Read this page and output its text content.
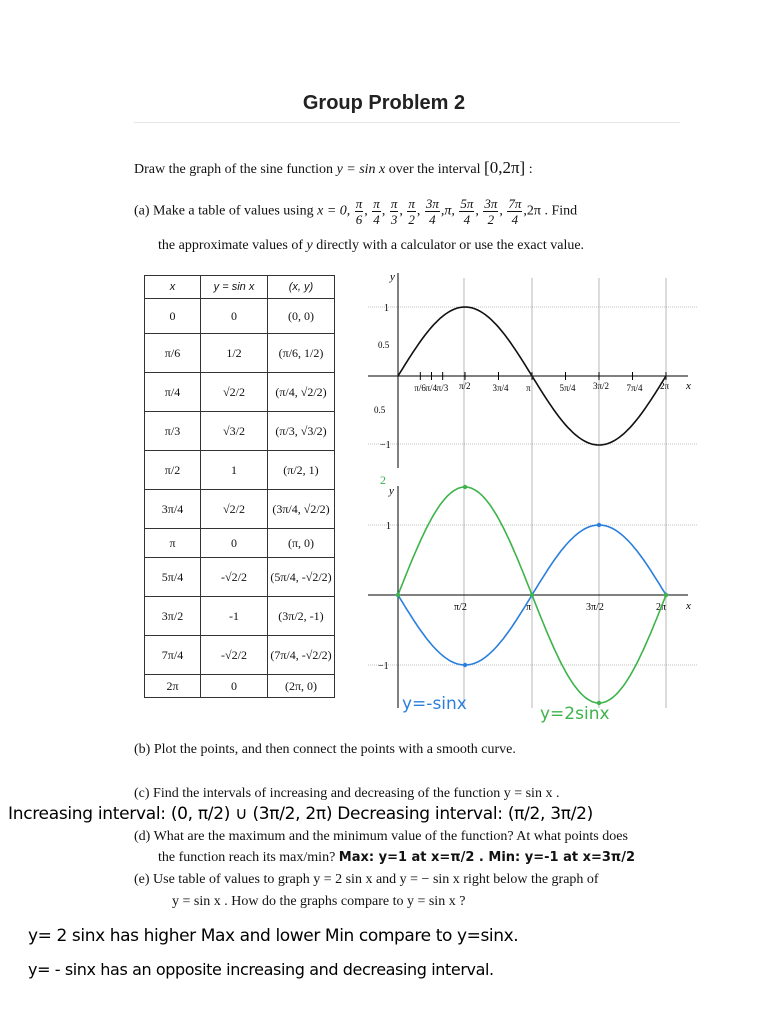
Group Problem 2
Draw the graph of the sine function y = sin x over the interval [0,2π] :
(a) Make a table of values using x = 0, $\frac{\pi}{6}$ , $\frac{\pi}{4}$ , $\frac{\pi}{3}$ , $\frac{\pi}{2}$ , $\frac{3\pi}{4} ,\pi$, $\frac{5\pi}{4}$ , $\frac{3\pi}{2}$ , $\frac{7\pi}{4} ,2\pi$ . Find
the approximate values of y directly with a calculator or use the exact value.
x	y = sin x	(x, y)
0	0	(0, 0)
π/6	1/2	(π/6, 1/2)
π/4	√2/2	(π/4, √2/2)
π/3	√3/2	(π/3, √3/2)
π/2	1	(π/2, 1)
3π/4	√2/2	(3π/4, √2/2)
π	0	(π, 0)
5π/4	-√2/2	(5π/4, -√2/2)
3π/2	-1	(3π/2, -1)
7π/4	-√2/2	(7π/4, -√2/2)
2π	0	(2π, 0)
y
x
1
0.5
0.5
−1
π/6 π/4 π/3 π/2 3π/4 π	5π/4 3π/2 7π/4 2π
y
x
2
1
−1
π/2	π	3π/2	2π
y=-sinx	y=2sinx
(b) Plot the points, and then connect the points with a smooth curve.
(c) Find the intervals of increasing and decreasing of the function y = sin x .
Increasing interval: (0, π/2) ∪ (3π/2, 2π) Decreasing interval: (π/2, 3π/2)
(d) What are the maximum and the minimum value of the function? At what points does
the function reach its max/min? Max: y=1 at x=π/2 . Min: y=-1 at x=3π/2
(e) Use table of values to graph y = 2 sin x and y = − sin x right below the graph of
y = sin x . How do the graphs compare to y = sin x ?
y= 2 sinx has higher Max and lower Min compare to y=sinx.
y= - sinx has an opposite increasing and decreasing interval.
